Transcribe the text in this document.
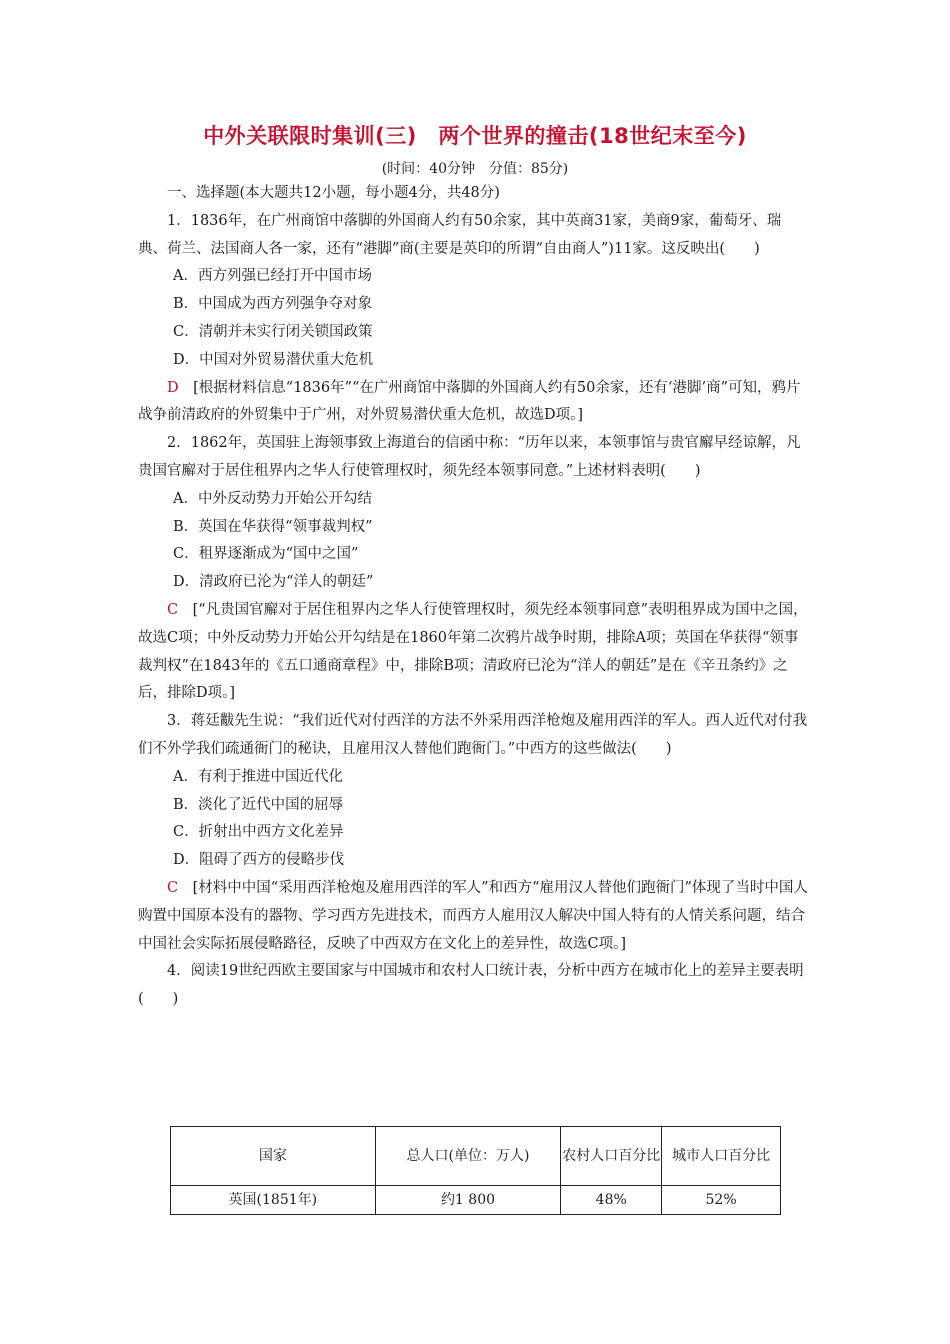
中外关联限时集训(三)　两个世界的撞击(18世纪末至今)
(时间：40分钟　分值：85分)

一、选择题(本大题共12小题，每小题4分，共48分)

1．1836年，在广州商馆中落脚的外国商人约有50余家，其中英商31家，美商9家，葡萄牙、瑞典、荷兰、法国商人各一家，还有“港脚”商(主要是英印的所谓“自由商人”)11家。这反映出(　　)

A．西方列强已经打开中国市场

B．中国成为西方列强争夺对象

C．清朝并未实行闭关锁国政策

D．中国对外贸易潜伏重大危机

D　[根据材料信息“1836年”“在广州商馆中落脚的外国商人约有50余家，还有‘港脚’商”可知，鸦片战争前清政府的外贸集中于广州，对外贸易潜伏重大危机，故选D项。]

2．1862年，英国驻上海领事致上海道台的信函中称：“历年以来，本领事馆与贵官廨早经谅解，凡贵国官廨对于居住租界内之华人行使管理权时，须先经本领事同意。”上述材料表明(　　)

A．中外反动势力开始公开勾结

B．英国在华获得“领事裁判权”

C．租界逐渐成为“国中之国”

D．清政府已沦为“洋人的朝廷”

C　[“凡贵国官廨对于居住租界内之华人行使管理权时，须先经本领事同意”表明租界成为国中之国，故选C项；中外反动势力开始公开勾结是在1860年第二次鸦片战争时期，排除A项；英国在华获得“领事裁判权”在1843年的《五口通商章程》中，排除B项；清政府已沦为“洋人的朝廷”是在《辛丑条约》之后，排除D项。]

3．蒋廷黻先生说：“我们近代对付西洋的方法不外采用西洋枪炮及雇用西洋的军人。西人近代对付我们不外学我们疏通衙门的秘诀，且雇用汉人替他们跑衙门。”中西方的这些做法(　　)

A．有利于推进中国近代化

B．淡化了近代中国的屈辱

C．折射出中西方文化差异

D．阻碍了西方的侵略步伐

C　[材料中中国“采用西洋枪炮及雇用西洋的军人”和西方“雇用汉人替他们跑衙门”体现了当时中国人购置中国原本没有的器物、学习西方先进技术，而西方人雇用汉人解决中国人特有的人情关系问题，结合中国社会实际拓展侵略路径，反映了中西双方在文化上的差异性，故选C项。]

4．阅读19世纪西欧主要国家与中国城市和农村人口统计表，分析中西方在城市化上的差异主要表明(　　)

国家	总人口(单位：万人)	农村人口百分比	城市人口百分比
英国(1851年)	约1 800	48%	52%
